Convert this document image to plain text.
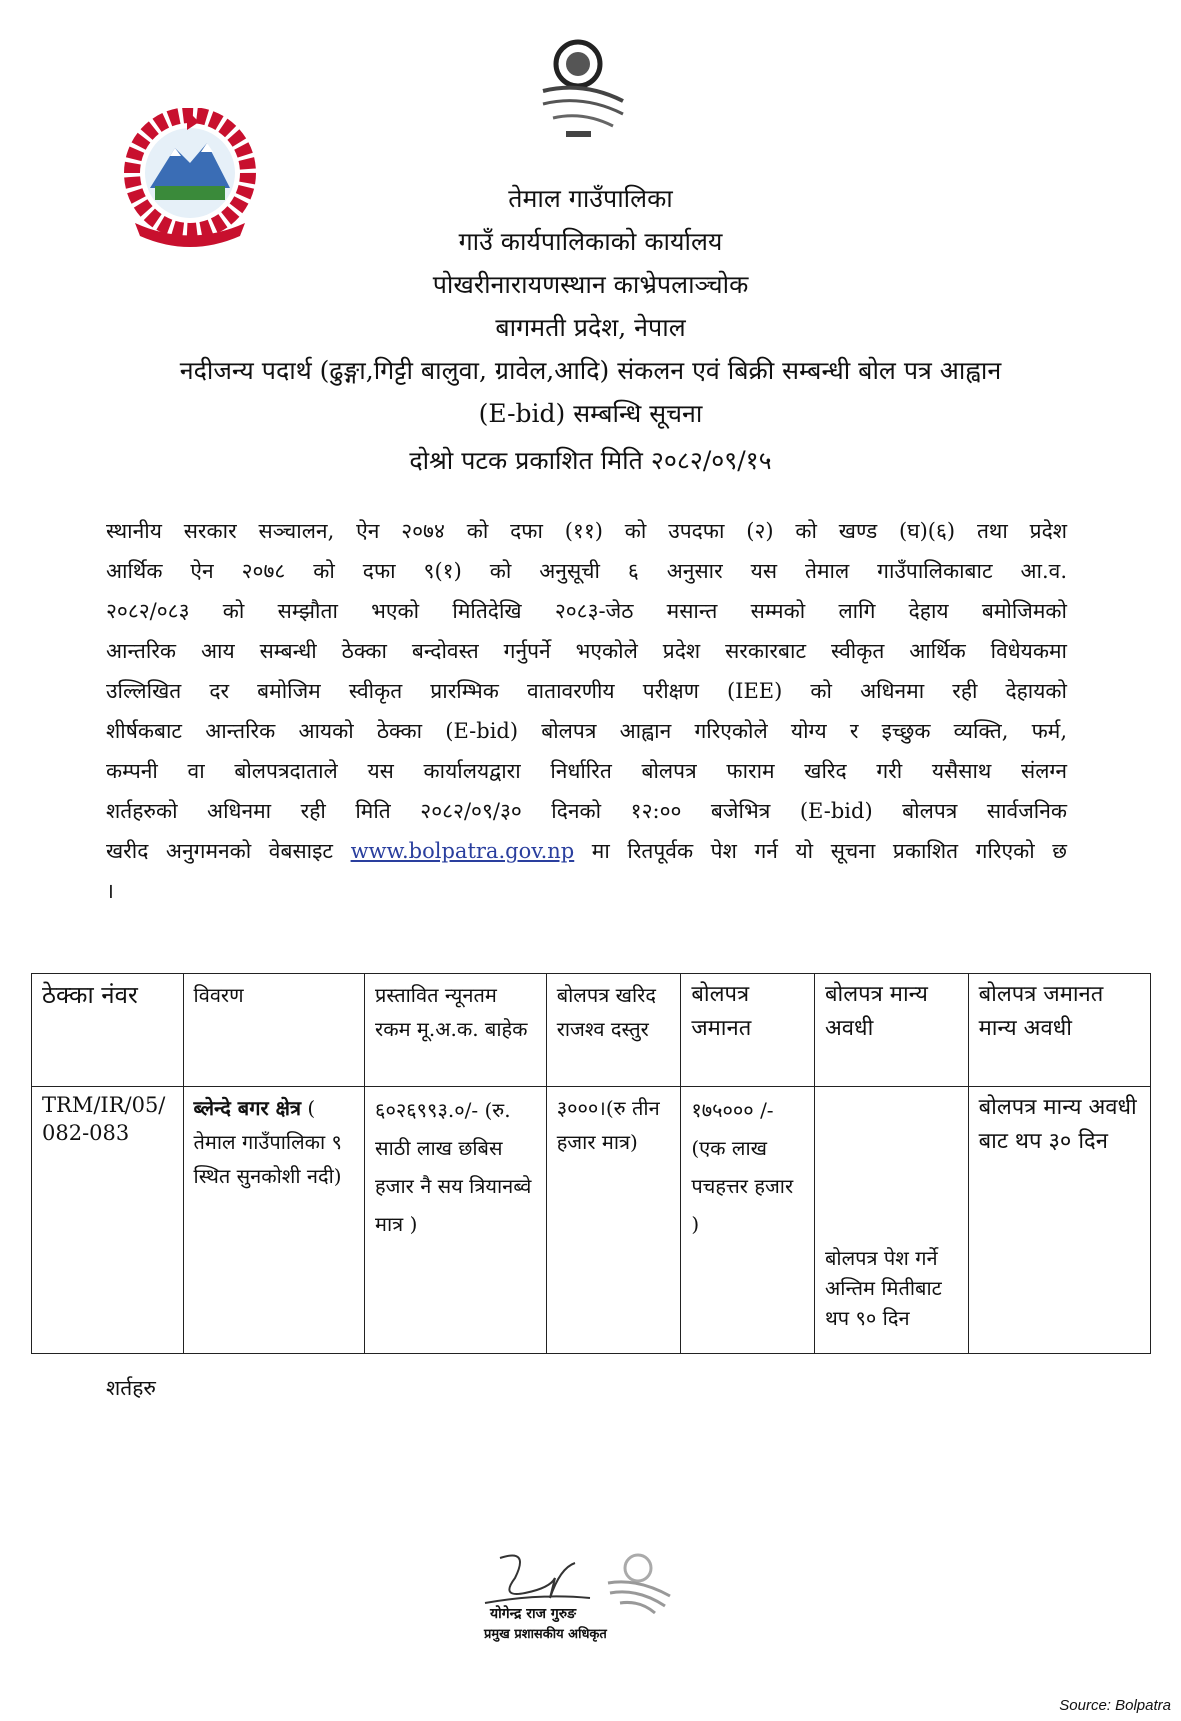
तेमाल गाउँपालिका
गाउँ कार्यपालिकाको कार्यालय
पोखरीनारायणस्थान काभ्रेपलाञ्चोक
बागमती प्रदेश, नेपाल
नदीजन्य पदार्थ (ढुङ्गा,गिट्टी बालुवा, ग्रावेल,आदि) संकलन एवं बिक्री सम्बन्धी बोल पत्र आह्वान
(E-bid) सम्बन्धि सूचना
दोश्रो पटक प्रकाशित मिति २०८२/०९/१५
स्थानीय सरकार सञ्चालन, ऐन २०७४ को दफा (११) को उपदफा (२) को खण्ड (घ)(६) तथा प्रदेश
आर्थिक ऐन २०७८ को दफा ९(१) को अनुसूची ६ अनुसार यस तेमाल गाउँपालिकाबाट आ.व.
२०८२/०८३ को सम्झौता भएको मितिदेखि २०८३-जेठ मसान्त सम्मको लागि देहाय बमोजिमको
आन्तरिक आय सम्बन्धी ठेक्का बन्दोवस्त गर्नुपर्ने भएकोले प्रदेश सरकारबाट स्वीकृत आर्थिक विधेयकमा
उल्लिखित दर बमोजिम स्वीकृत प्रारम्भिक वातावरणीय परीक्षण (IEE) को अधिनमा रही देहायको
शीर्षकबाट आन्तरिक आयको ठेक्का (E-bid) बोलपत्र आह्वान गरिएकोले योग्य र इच्छुक व्यक्ति, फर्म,
कम्पनी वा बोलपत्रदाताले यस कार्यालयद्वारा निर्धारित बोलपत्र फाराम खरिद गरी यसैसाथ संलग्न
शर्तहरुको अधिनमा रही मिति २०८२/०९/३० दिनको १२:०० बजेभित्र (E-bid) बोलपत्र सार्वजनिक
खरीद अनुगमनको वेबसाइट www.bolpatra.gov.np मा रितपूर्वक पेश गर्न यो सूचना प्रकाशित गरिएको छ
।
ठेक्का नंवर	विवरण	प्रस्तावित न्यूनतम रकम मू.अ.क. बाहेक	बोलपत्र खरिद राजश्व दस्तुर	बोलपत्र जमानत	बोलपत्र मान्य अवधी	बोलपत्र जमानत मान्य अवधी
TRM/IR/05/082-083	ब्लेन्दे बगर क्षेत्र ( तेमाल गाउँपालिका ९ स्थित सुनकोशी नदी)	६०२६९९३.०/- (रु. साठी लाख छबिस हजार नै सय त्रियानब्वे मात्र )	३०००।(रु तीन हजार मात्र)	१७५००० /-(एक लाख पचहत्तर हजार )	बोलपत्र पेश गर्ने अन्तिम मितीबाट थप ९० दिन	बोलपत्र मान्य अवधी बाट थप ३० दिन
शर्तहरु
योगेन्द्र राज गुरुङ
प्रमुख प्रशासकीय अधिकृत
Source: Bolpatra
